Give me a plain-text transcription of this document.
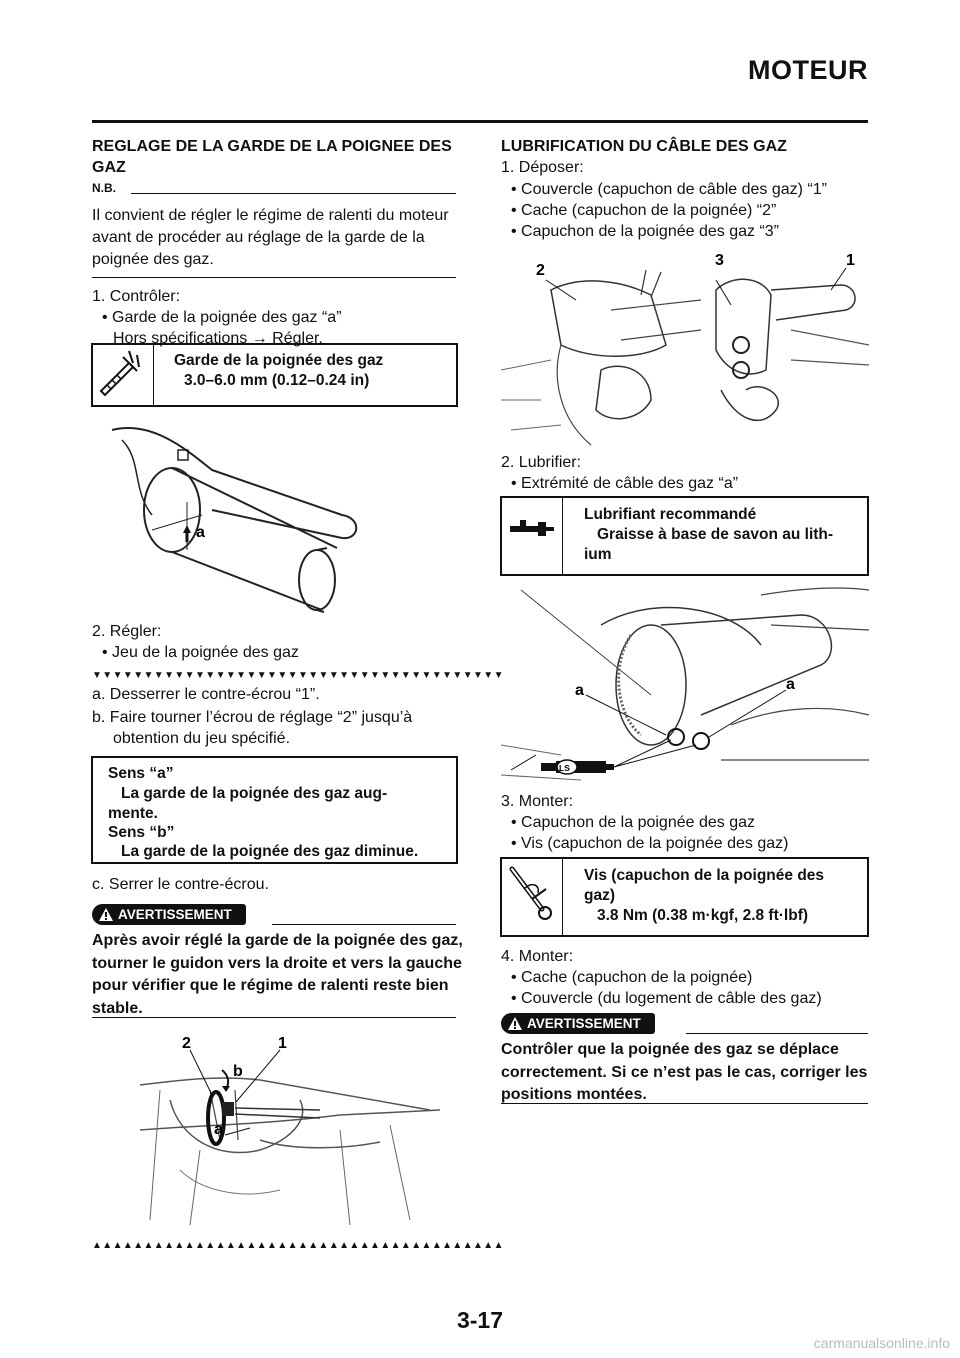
MOTEUR
REGLAGE DE LA GARDE DE LA POIGNEE DES GAZ
N.B.
Il convient de régler le régime de ralenti du moteur avant de procéder au réglage de la garde de la poignée des gaz.
1. Contrôler:
• Garde de la poignée des gaz “a”
Hors spécifications → Régler.
Garde de la poignée des gaz
3.0–6.0 mm (0.12–0.24 in)
a
2. Régler:
• Jeu de la poignée des gaz
▼▼▼▼▼▼▼▼▼▼▼▼▼▼▼▼▼▼▼▼▼▼▼▼▼▼▼▼▼▼▼▼▼▼▼▼▼▼▼▼
a. Desserrer le contre-écrou “1”.
b. Faire tourner l’écrou de réglage “2” jusqu’à
obtention du jeu spécifié.
Sens “a”
La garde de la poignée des gaz aug-
mente.
Sens “b”
La garde de la poignée des gaz diminue.
c. Serrer le contre-écrou.
AVERTISSEMENT
Après avoir réglé la garde de la poignée des gaz, tourner le guidon vers la droite et vers la gauche pour vérifier que le régime de ralenti reste bien stable.
2	1
b
a
▲▲▲▲▲▲▲▲▲▲▲▲▲▲▲▲▲▲▲▲▲▲▲▲▲▲▲▲▲▲▲▲▲▲▲▲▲▲▲▲
LUBRIFICATION DU CÂBLE DES GAZ
1. Déposer:
• Couvercle (capuchon de câble des gaz) “1”
• Cache (capuchon de la poignée) “2”
• Capuchon de la poignée des gaz “3”
2
3	1
2. Lubrifier:
• Extrémité de câble des gaz “a”
Lubrifiant recommandé
Graisse à base de savon au lith-
ium
LS
a	a
3. Monter:
• Capuchon de la poignée des gaz
• Vis (capuchon de la poignée des gaz)
Vis (capuchon de la poignée des
gaz)
3.8 Nm (0.38 m·kgf, 2.8 ft·lbf)
4. Monter:
• Cache (capuchon de la poignée)
• Couvercle (du logement de câble des gaz)
AVERTISSEMENT
Contrôler que la poignée des gaz se déplace correctement. Si ce n’est pas le cas, corriger les positions montées.
3-17
carmanualsonline.info
